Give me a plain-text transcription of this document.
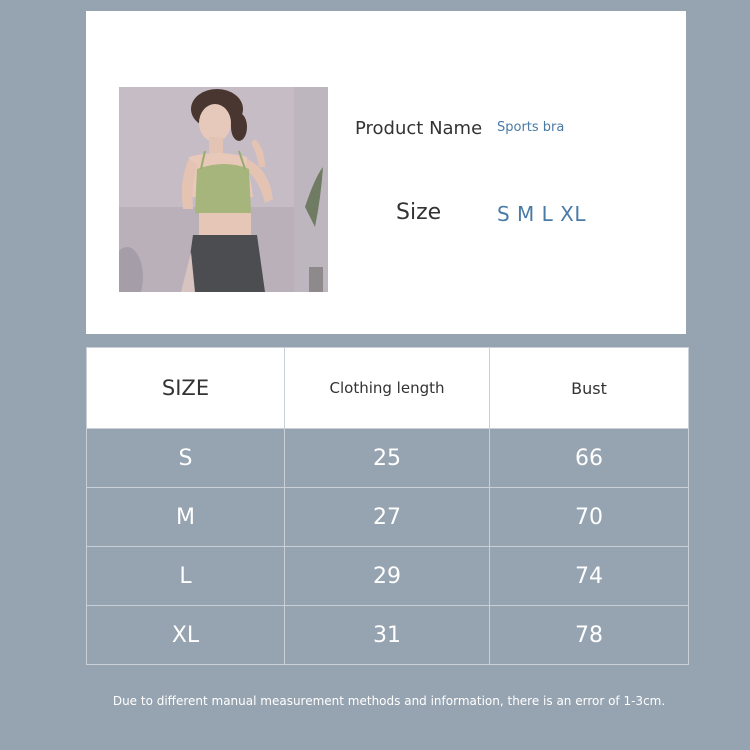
Product Name Sports bra
Size	S M L XL
SIZE	Clothing length	Bust
S	25	66
M	27	70
L	29	74
XL	31	78
Due to different manual measurement methods and information, there is an error of 1-3cm.
